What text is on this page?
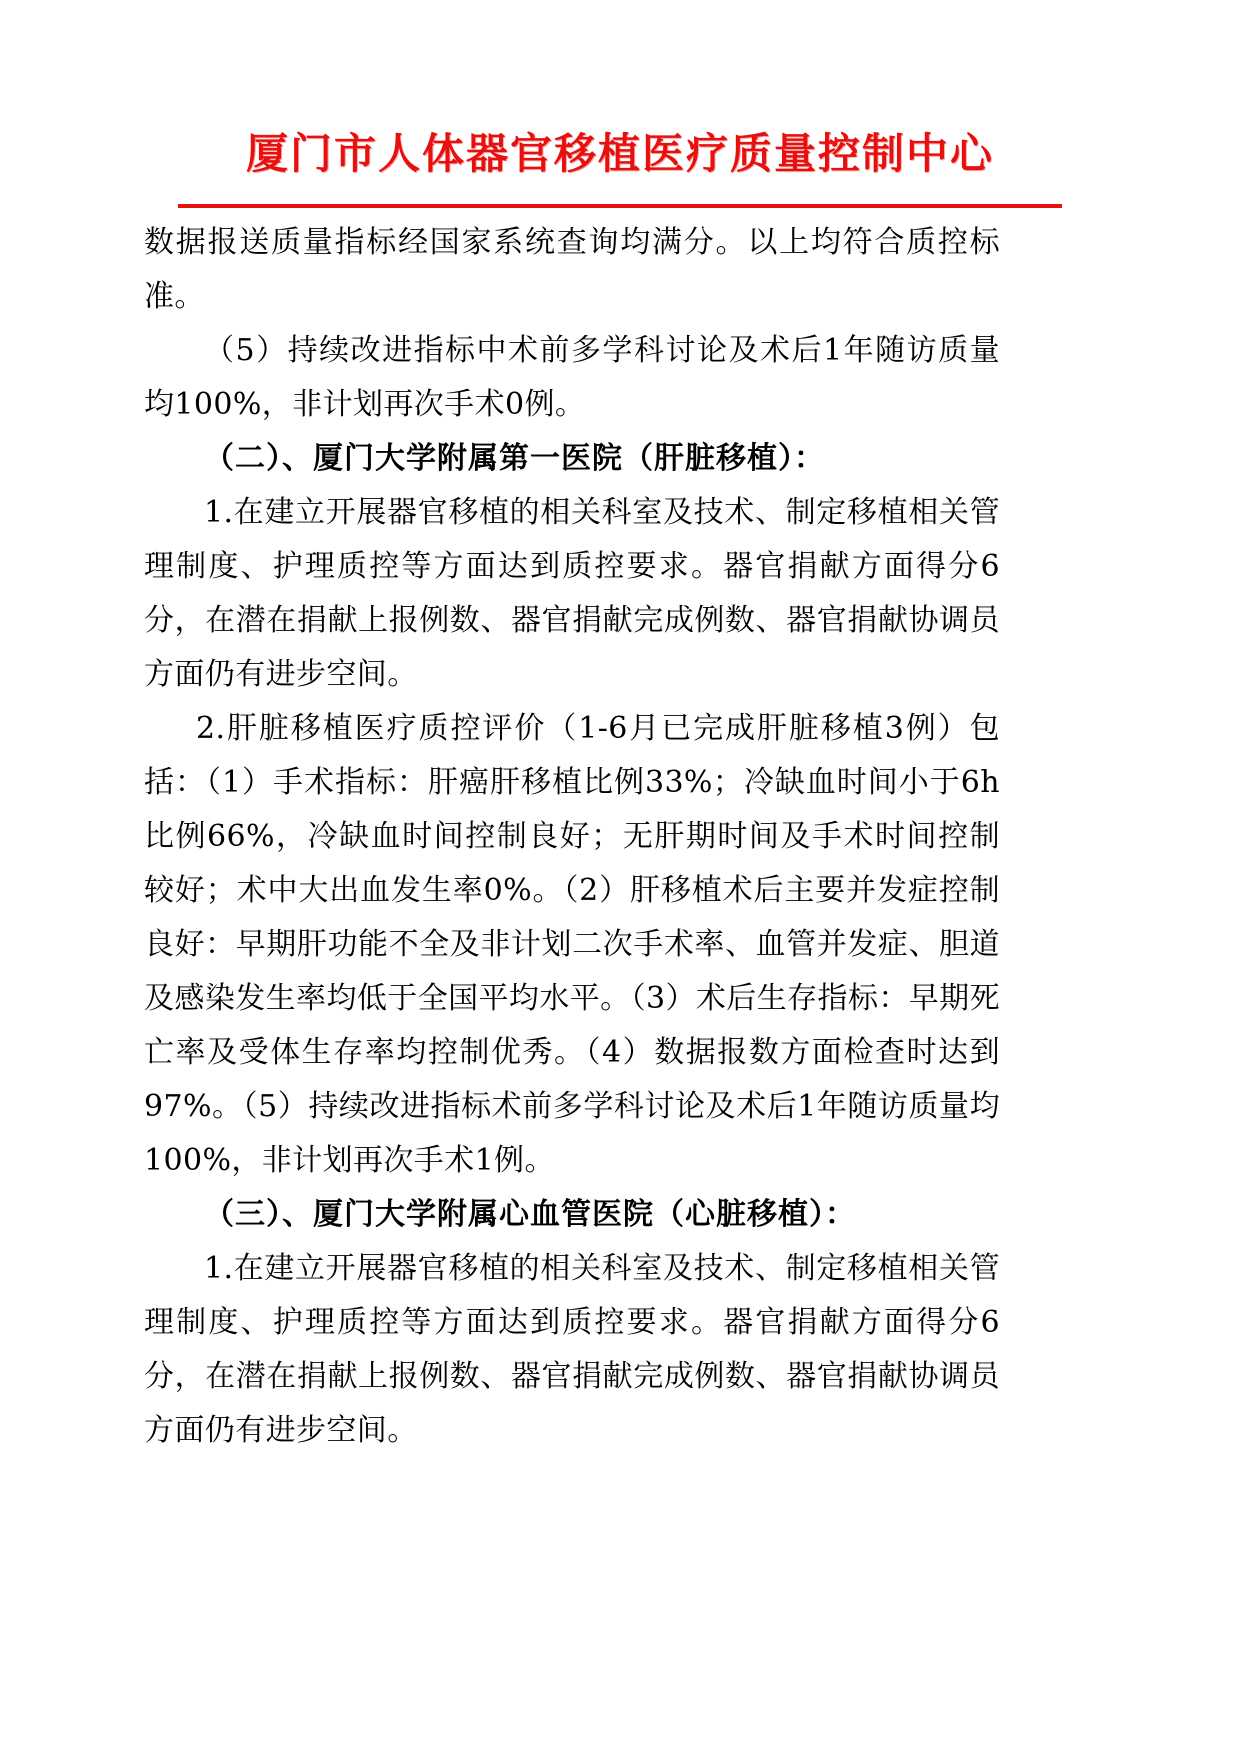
厦门市人体器官移植医疗质量控制中心

数据报送质量指标经国家系统查询均满分。以上均符合质控标准。

（5）持续改进指标中术前多学科讨论及术后1年随访质量均100%，非计划再次手术0例。

（二）、厦门大学附属第一医院（肝脏移植）：

1.在建立开展器官移植的相关科室及技术、制定移植相关管理制度、护理质控等方面达到质控要求。器官捐献方面得分6分，在潜在捐献上报例数、器官捐献完成例数、器官捐献协调员方面仍有进步空间。

2.肝脏移植医疗质控评价（1-6月已完成肝脏移植3例）包括：（1）手术指标：肝癌肝移植比例33%；冷缺血时间小于6h比例66%，冷缺血时间控制良好；无肝期时间及手术时间控制较好；术中大出血发生率0%。（2）肝移植术后主要并发症控制良好：早期肝功能不全及非计划二次手术率、血管并发症、胆道及感染发生率均低于全国平均水平。（3）术后生存指标：早期死亡率及受体生存率均控制优秀。（4）数据报数方面检查时达到97%。（5）持续改进指标术前多学科讨论及术后1年随访质量均100%，非计划再次手术1例。

（三）、厦门大学附属心血管医院（心脏移植）：

1.在建立开展器官移植的相关科室及技术、制定移植相关管理制度、护理质控等方面达到质控要求。器官捐献方面得分6分，在潜在捐献上报例数、器官捐献完成例数、器官捐献协调员方面仍有进步空间。
